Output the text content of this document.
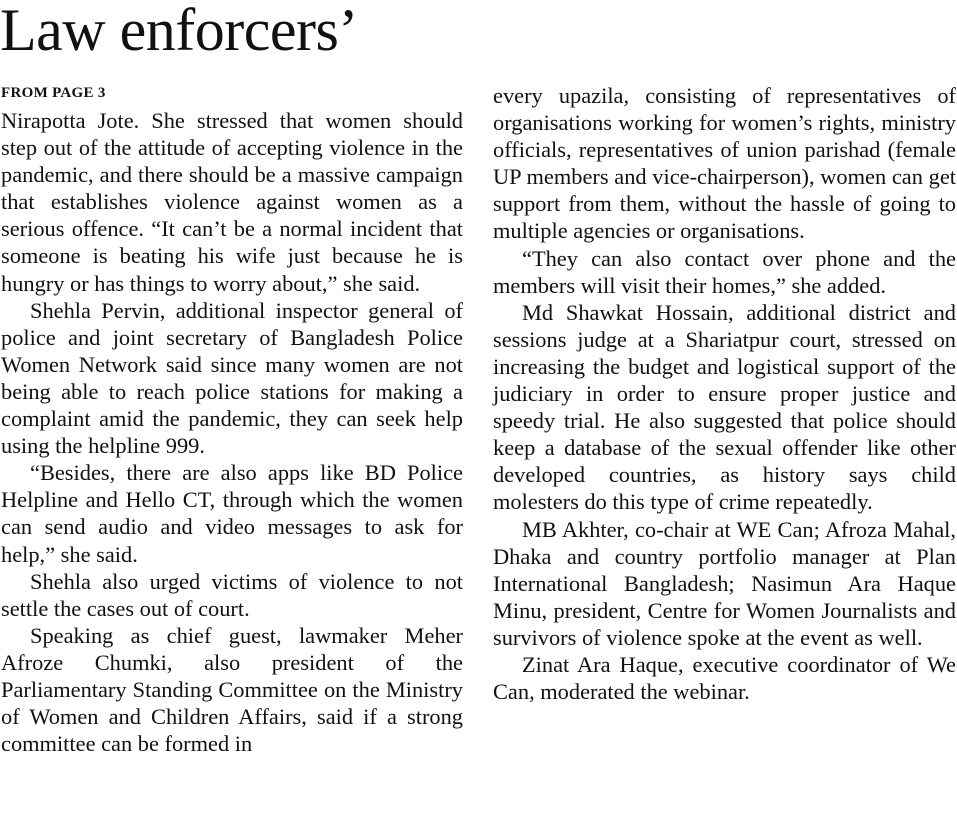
Law enforcers’
FROM PAGE 3

Nirapotta Jote. She stressed that women should step out of the attitude of accepting violence in the pandemic, and there should be a massive campaign that establishes violence against women as a serious offence. “It can’t be a normal incident that someone is beating his wife just because he is hungry or has things to worry about,” she said.

Shehla Pervin, additional inspector general of police and joint secretary of Bangladesh Police Women Network said since many women are not being able to reach police stations for making a complaint amid the pandemic, they can seek help using the helpline 999.

“Besides, there are also apps like BD Police Helpline and Hello CT, through which the women can send audio and video messages to ask for help,” she said.

Shehla also urged victims of violence to not settle the cases out of court.

Speaking as chief guest, lawmaker Meher Afroze Chumki, also president of the Parliamentary Standing Committee on the Ministry of Women and Children Affairs, said if a strong committee can be formed in

every upazila, consisting of representatives of organisations working for women’s rights, ministry officials, representatives of union parishad (female UP members and vice-chairperson), women can get support from them, without the hassle of going to multiple agencies or organisations.

“They can also contact over phone and the members will visit their homes,” she added.

Md Shawkat Hossain, additional district and sessions judge at a Shariatpur court, stressed on increasing the budget and logistical support of the judiciary in order to ensure proper justice and speedy trial. He also suggested that police should keep a database of the sexual offender like other developed countries, as history says child molesters do this type of crime repeatedly.

MB Akhter, co-chair at WE Can; Afroza Mahal, Dhaka and country portfolio manager at Plan International Bangladesh; Nasimun Ara Haque Minu, president, Centre for Women Journalists and survivors of violence spoke at the event as well.

Zinat Ara Haque, executive coordinator of We Can, moderated the webinar.
